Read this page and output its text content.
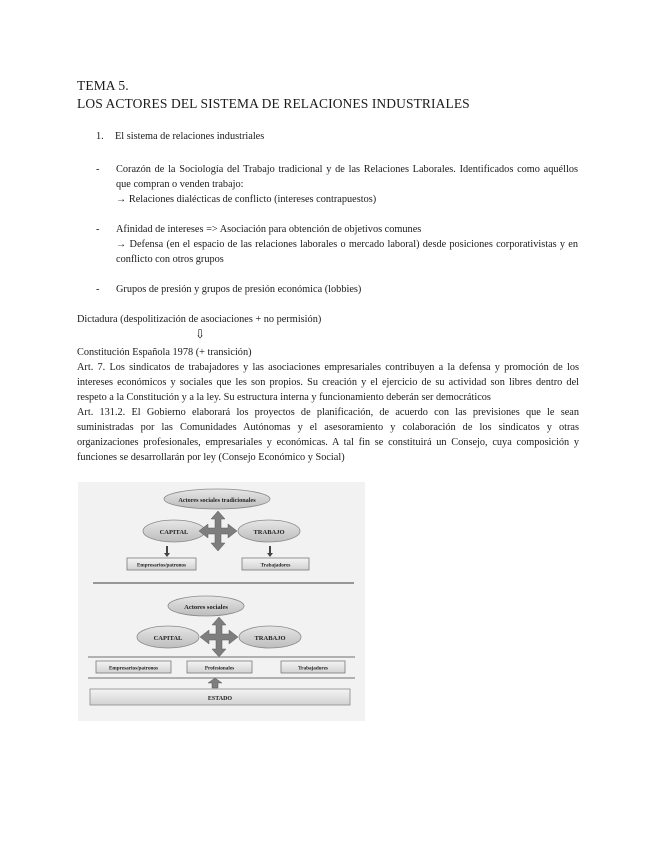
TEMA 5.
LOS ACTORES DEL SISTEMA DE RELACIONES INDUSTRIALES
1. El sistema de relaciones industriales
- Corazón de la Sociología del Trabajo tradicional y de las Relaciones Laborales. Identificados como aquéllos que compran o venden trabajo:
→ Relaciones dialécticas de conflicto (intereses contrapuestos)
- Afinidad de intereses => Asociación para obtención de objetivos comunes
→ Defensa (en el espacio de las relaciones laborales o mercado laboral) desde posiciones corporativistas y en conflicto con otros grupos
- Grupos de presión y grupos de presión económica (lobbies)
Dictadura (despolitización de asociaciones + no permisión)
⇩
Constitución Española 1978 (+ transición)
Art. 7. Los sindicatos de trabajadores y las asociaciones empresariales contribuyen a la defensa y promoción de los intereses económicos y sociales que les son propios. Su creación y el ejercicio de su actividad son libres dentro del respeto a la Constitución y a la ley. Su estructura interna y funcionamiento deberán ser democráticos
Art. 131.2. El Gobierno elaborará los proyectos de planificación, de acuerdo con las previsiones que le sean suministradas por las Comunidades Autónomas y el asesoramiento y colaboración de los sindicatos y otras organizaciones profesionales, empresariales y económicas. A tal fin se constituirá un Consejo, cuya composición y funciones se desarrollarán por ley (Consejo Económico y Social)
Actores sociales tradicionales
CAPITAL	TRABAJO
Empresarios/patronos	Trabajadores
Actores sociales
CAPITAL	TRABAJO
Empresarios/patronos	Profesionales	Trabajadores
ESTADO
